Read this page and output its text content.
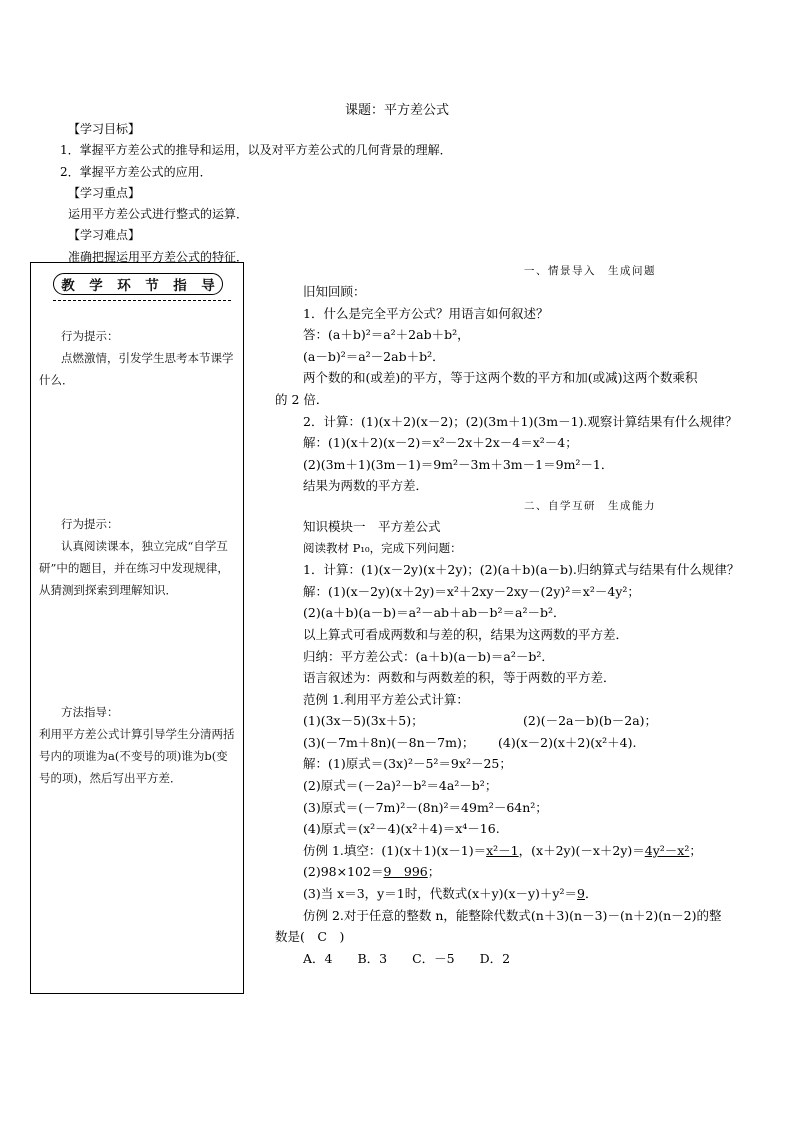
课题：平方差公式
【学习目标】
1．掌握平方差公式的推导和运用，以及对平方差公式的几何背景的理解．
2．掌握平方差公式的应用．
【学习重点】
运用平方差公式进行整式的运算．
【学习难点】
准确把握运用平方差公式的特征．
教 学 环 节 指 导
行为提示：
点燃激情，引发学生思考本节课学什么．
行为提示：
认真阅读课本，独立完成“自学互研”中的题目，并在练习中发现规律，从猜测到探索到理解知识．
方法指导：
利用平方差公式计算引导学生分清两括号内的项谁为a(不变号的项)谁为b(变号的项)，然后写出平方差．
一、情景导入　生成问题
旧知回顾：
1．什么是完全平方公式？用语言如何叙述？
答：(a＋b)²＝a²＋2ab＋b²，
(a－b)²＝a²－2ab＋b²．
两个数的和(或差)的平方，等于这两个数的平方和加(或减)这两个数乘积
的 2 倍．
2．计算：(1)(x＋2)(x－2)；(2)(3m＋1)(3m－1).观察计算结果有什么规律？
解：(1)(x＋2)(x－2)＝x²－2x＋2x－4＝x²－4；
(2)(3m＋1)(3m－1)＝9m²－3m＋3m－1＝9m²－1．
结果为两数的平方差．
二、自学互研　生成能力
知识模块一　平方差公式
阅读教材 P₁₀，完成下列问题：
1．计算：(1)(x－2y)(x＋2y)；(2)(a＋b)(a－b).归纳算式与结果有什么规律？
解：(1)(x－2y)(x＋2y)＝x²＋2xy－2xy－(2y)²＝x²－4y²；
(2)(a＋b)(a－b)＝a²－ab＋ab－b²＝a²－b²．
以上算式可看成两数和与差的积，结果为这两数的平方差．
归纳：平方差公式：(a＋b)(a－b)＝a²－b²．
语言叙述为：两数和与两数差的积，等于两数的平方差．
范例 1.利用平方差公式计算：
(1)(3x－5)(3x＋5)；	(2)(－2a－b)(b－2a)；
(3)(－7m＋8n)(－8n－7m)； (4)(x－2)(x＋2)(x²＋4).
解：(1)原式＝(3x)²－5²＝9x²－25；
(2)原式＝(－2a)²－b²＝4a²－b²；
(3)原式＝(－7m)²－(8n)²＝49m²－64n²；
(4)原式＝(x²－4)(x²＋4)＝x⁴－16.
仿例 1.填空：(1)(x＋1)(x－1)＝x²－1，(x＋2y)(－x＋2y)＝4y²－x²；
(2)98×102＝9　996；
(3)当 x＝3，y＝1时，代数式(x＋y)(x－y)＋y²＝9．
仿例 2.对于任意的整数 n，能整除代数式(n＋3)(n－3)－(n＋2)(n－2)的整
数是(　C　)
A．4　　B．3　　C．－5　　D．2
